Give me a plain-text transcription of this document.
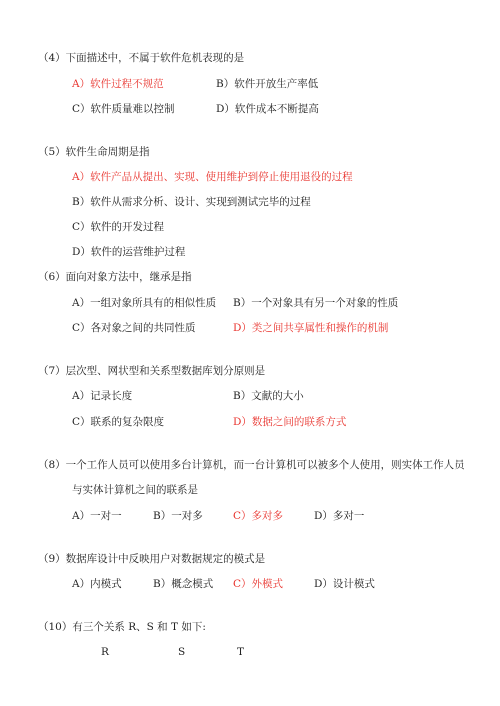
（4）下面描述中，不属于软件危机表现的是
A）软件过程不规范	B）软件开放生产率低
C）软件质量难以控制	D）软件成本不断提高
（5）软件生命周期是指
A）软件产品从提出、实现、使用维护到停止使用退役的过程
B）软件从需求分析、设计、实现到测试完毕的过程
C）软件的开发过程
D）软件的运营维护过程
（6）面向对象方法中，继承是指
A）一组对象所具有的相似性质 B）一个对象具有另一个对象的性质
C）各对象之间的共同性质	D）类之间共享属性和操作的机制
（7）层次型、网状型和关系型数据库划分原则是
A）记录长度	B）文献的大小
C）联系的复杂限度	D）数据之间的联系方式
（8）一个工作人员可以使用多台计算机，而一台计算机可以被多个人使用，则实体工作人员
与实体计算机之间的联系是
A）一对一	B）一对多	C）多对多	D）多对一
（9）数据库设计中反映用户对数据规定的模式是
A）内模式	B）概念模式 C）外模式	D）设计模式
（10）有三个关系 R、S 和 T 如下:
R	S	T
